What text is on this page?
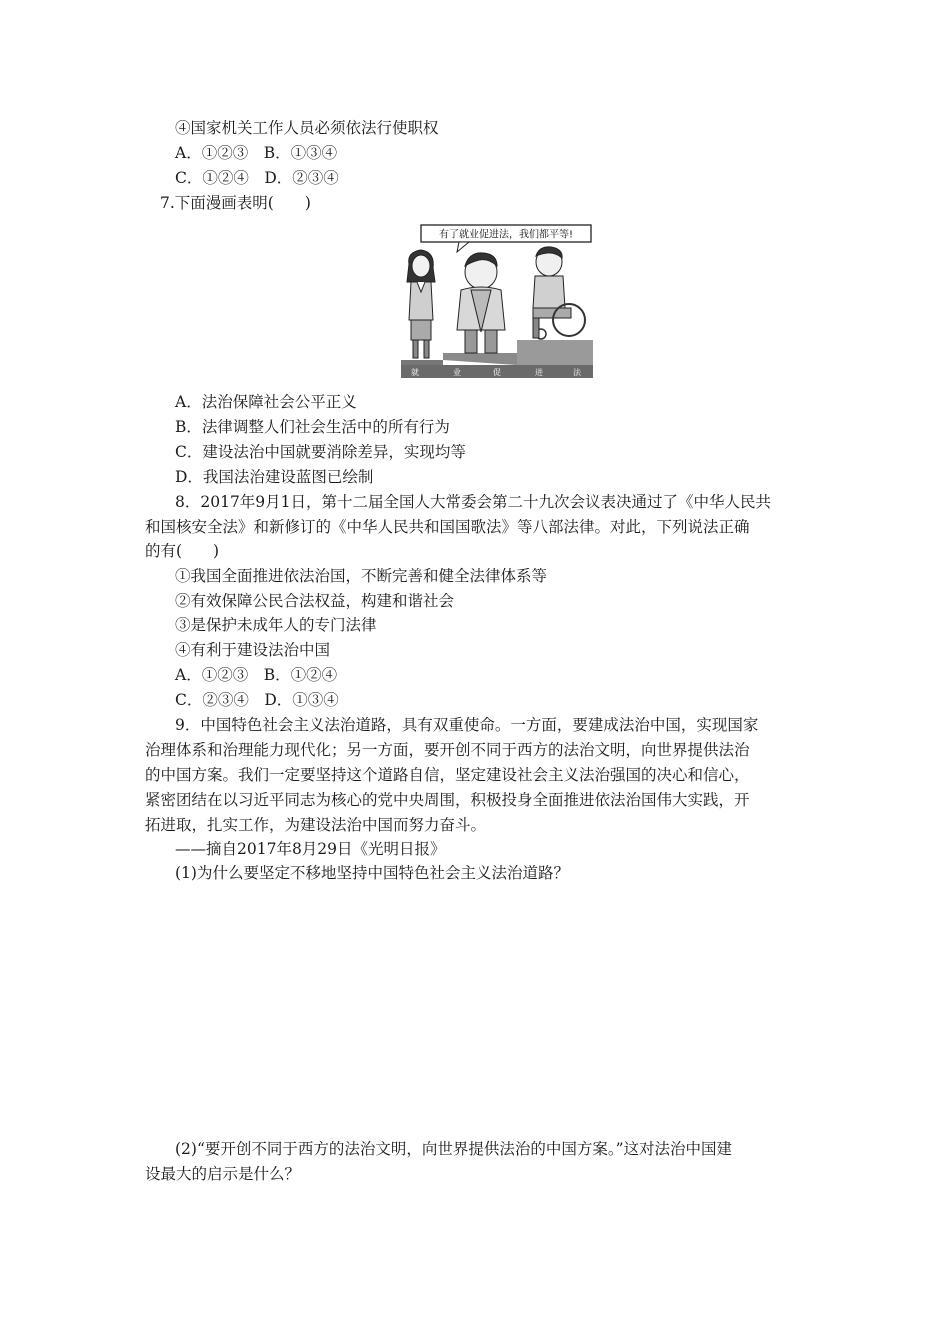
④国家机关工作人员必须依法行使职权
A．①②③　B．①③④
C．①②④　D．②③④
7.下面漫画表明(　　)
有了就业促进法，我们都平等!
就	业	促	进	法
A．法治保障社会公平正义
B．法律调整人们社会生活中的所有行为
C．建设法治中国就要消除差异，实现均等
D．我国法治建设蓝图已绘制
8．2017年9月1日，第十二届全国人大常委会第二十九次会议表决通过了《中华人民共
和国核安全法》和新修订的《中华人民共和国国歌法》等八部法律。对此，下列说法正确
的有(　　)
①我国全面推进依法治国，不断完善和健全法律体系等
②有效保障公民合法权益，构建和谐社会
③是保护未成年人的专门法律
④有利于建设法治中国
A．①②③　B．①②④
C．②③④　D．①③④
9．中国特色社会主义法治道路，具有双重使命。一方面，要建成法治中国，实现国家
治理体系和治理能力现代化；另一方面，要开创不同于西方的法治文明，向世界提供法治
的中国方案。我们一定要坚持这个道路自信，坚定建设社会主义法治强国的决心和信心，
紧密团结在以习近平同志为核心的党中央周围，积极投身全面推进依法治国伟大实践，开
拓进取，扎实工作，为建设法治中国而努力奋斗。
——摘自2017年8月29日《光明日报》
(1)为什么要坚定不移地坚持中国特色社会主义法治道路？
(2)“要开创不同于西方的法治文明，向世界提供法治的中国方案。”这对法治中国建
设最大的启示是什么？
